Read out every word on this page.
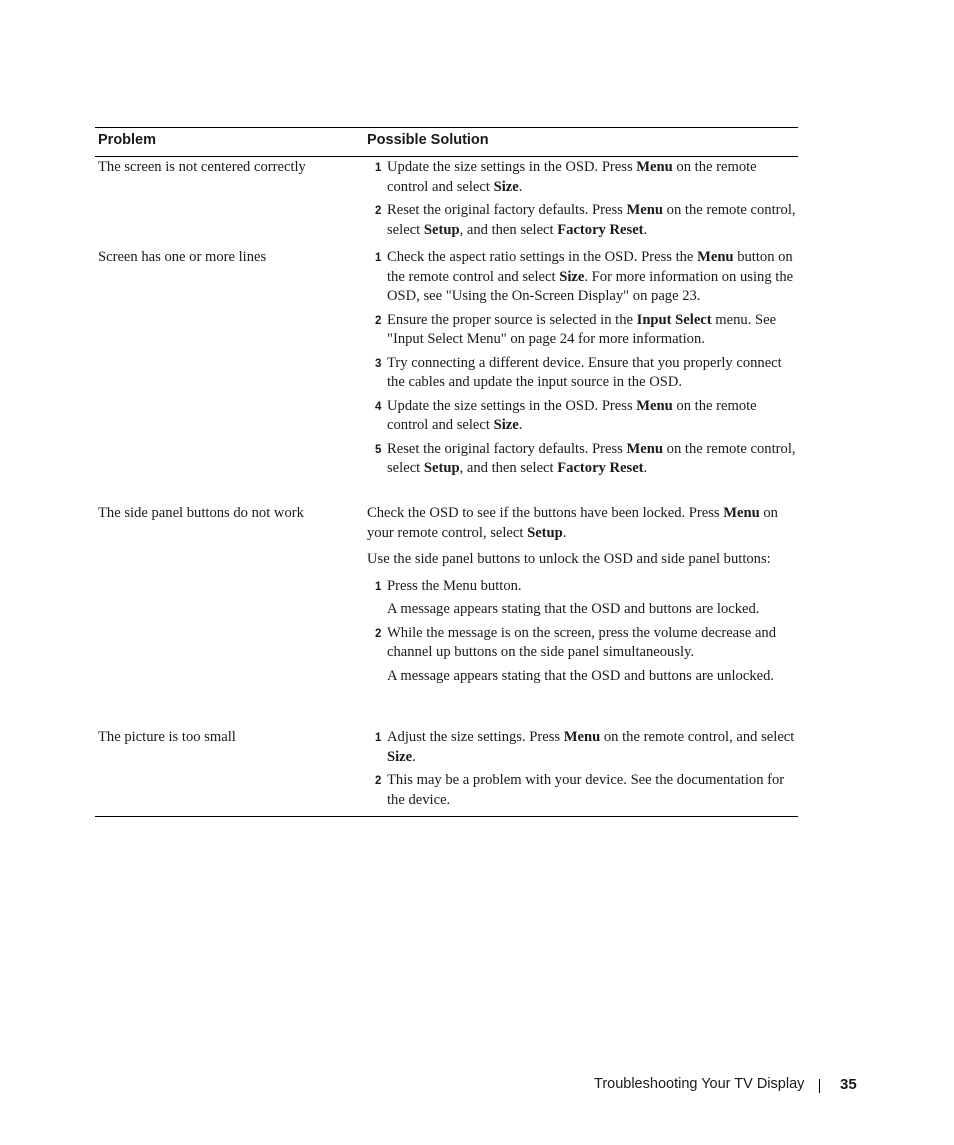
Problem	Possible Solution
The screen is not centered correctly	1 Update the size settings in the OSD. Press Menu on the remote control and select Size.
2 Reset the original factory defaults. Press Menu on the remote control, select Setup, and then select Factory Reset.
Screen has one or more lines	1 Check the aspect ratio settings in the OSD. Press the Menu button on the remote control and select Size. For more information on using the OSD, see "Using the On-Screen Display" on page 23.
2 Ensure the proper source is selected in the Input Select menu. See "Input Select Menu" on page 24 for more information.
3 Try connecting a different device. Ensure that you properly connect the cables and update the input source in the OSD.
4 Update the size settings in the OSD. Press Menu on the remote control and select Size.
5 Reset the original factory defaults. Press Menu on the remote control, select Setup, and then select Factory Reset.
The side panel buttons do not work	Check the OSD to see if the buttons have been locked. Press Menu on your remote control, select Setup.
Use the side panel buttons to unlock the OSD and side panel buttons:
1 Press the Menu button.
A message appears stating that the OSD and buttons are locked.
2 While the message is on the screen, press the volume decrease and channel up buttons on the side panel simultaneously.
A message appears stating that the OSD and buttons are unlocked.
The picture is too small	1 Adjust the size settings. Press Menu on the remote control, and select Size.
2 This may be a problem with your device. See the documentation for the device.
Troubleshooting Your TV Display 35
